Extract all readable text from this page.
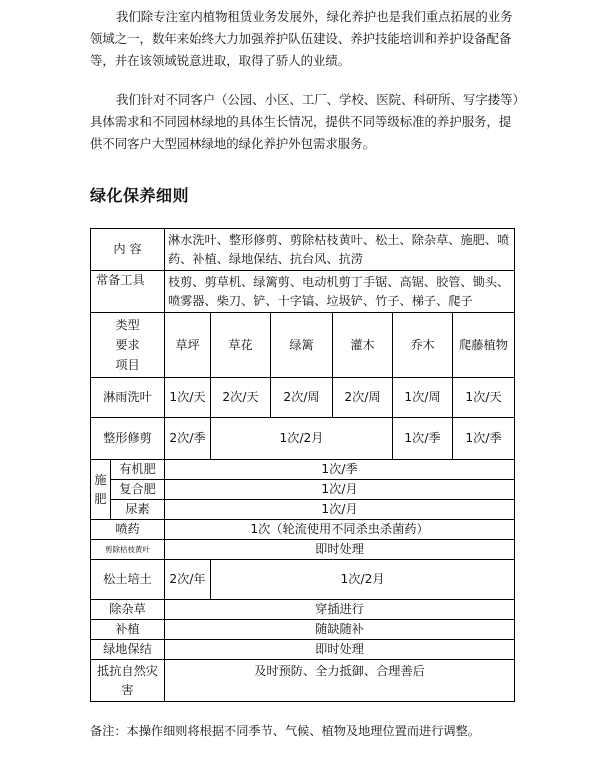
我们除专注室内植物租赁业务发展外，绿化养护也是我们重点拓展的业务领域之一，数年来始终大力加强养护队伍建设、养护技能培训和养护设备配备等，并在该领域锐意进取，取得了骄人的业绩。

我们针对不同客户（公园、小区、工厂、学校、医院、科研所、写字搂等）具体需求和不同园林绿地的具体生长情况，提供不同等级标准的养护服务，提供不同客户大型园林绿地的绿化养护外包需求服务。

绿化保养细则
内 容		淋水洗叶、整形修剪、剪除枯枝黄叶、松土、除杂草、施肥、喷药、补植、绿地保结、抗台风、抗涝					
常备工具		枝剪、剪草机、绿篱剪、电动机剪丁手锯、高锯、胶管、锄头、喷雾器、柴刀、铲、十字镐、垃圾铲、竹子、梯子、爬子					

类型
要求
项目		草坪	草花	绿篱	灌木	乔木	爬藤植物
淋雨洗叶		1次/天	2次/天	2次/周	2次/周	1次/周	1次/天
整形修剪		2次/季	1次/2月			1次/季	1次/季
施肥	有机肥	1次/季					
	复合肥	1次/月					
	尿素	1次/月					
喷药		1次（轮流使用不同杀虫杀菌药）					
剪除枯枝黄叶		即时处理					
松土培土		2次/年	1次/2月				
除杂草		穿插进行					
补植		随缺随补					
绿地保结		即时处理					
抵抗自然灾害		及时预防、全力抵御、合理善后					

备注：本操作细则将根据不同季节、气候、植物及地理位置而进行调整。
